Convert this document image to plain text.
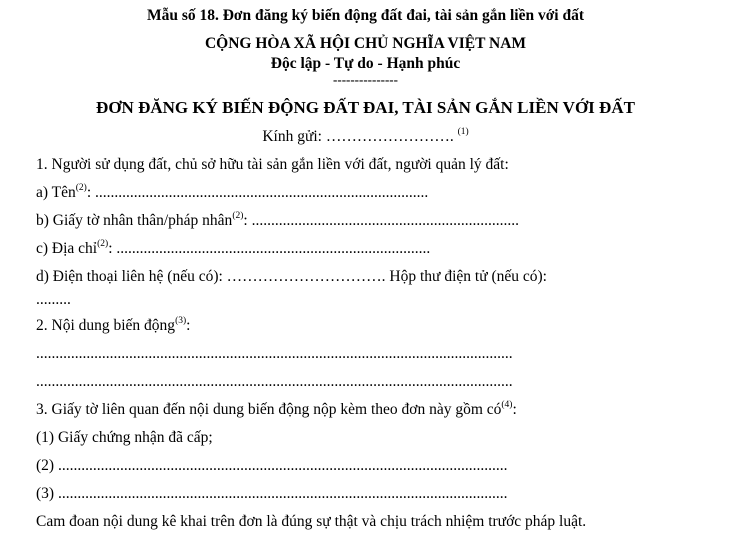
Mẫu số 18. Đơn đăng ký biến động đất đai, tài sản gắn liền với đất
CỘNG HÒA XÃ HỘI CHỦ NGHĨA VIỆT NAM
Độc lập - Tự do - Hạnh phúc
---------------
ĐƠN ĐĂNG KÝ BIẾN ĐỘNG ĐẤT ĐAI, TÀI SẢN GẮN LIỀN VỚI ĐẤT
Kính gửi: ……………………. $^{(1)}$
1. Người sử dụng đất, chủ sở hữu tài sản gắn liền với đất, người quản lý đất:
a) Tên$^{(2)}$: ......................................................................................
b) Giấy tờ nhân thân/pháp nhân$^{(2)}$: .....................................................................
c) Địa chỉ$^{(2)}$: .................................................................................
d) Điện thoại liên hệ (nếu có): …………………………. Hộp thư điện tử (nếu có):
.........
2. Nội dung biến động$^{(3)}$:
...........................................................................................................................
...........................................................................................................................
3. Giấy tờ liên quan đến nội dung biến động nộp kèm theo đơn này gồm $có^{(4)}$:
(1) Giấy chứng nhận đã cấp;
(2) ....................................................................................................................
(3) ....................................................................................................................
Cam đoan nội dung kê khai trên đơn là đúng sự thật và chịu trách nhiệm trước pháp luật.
